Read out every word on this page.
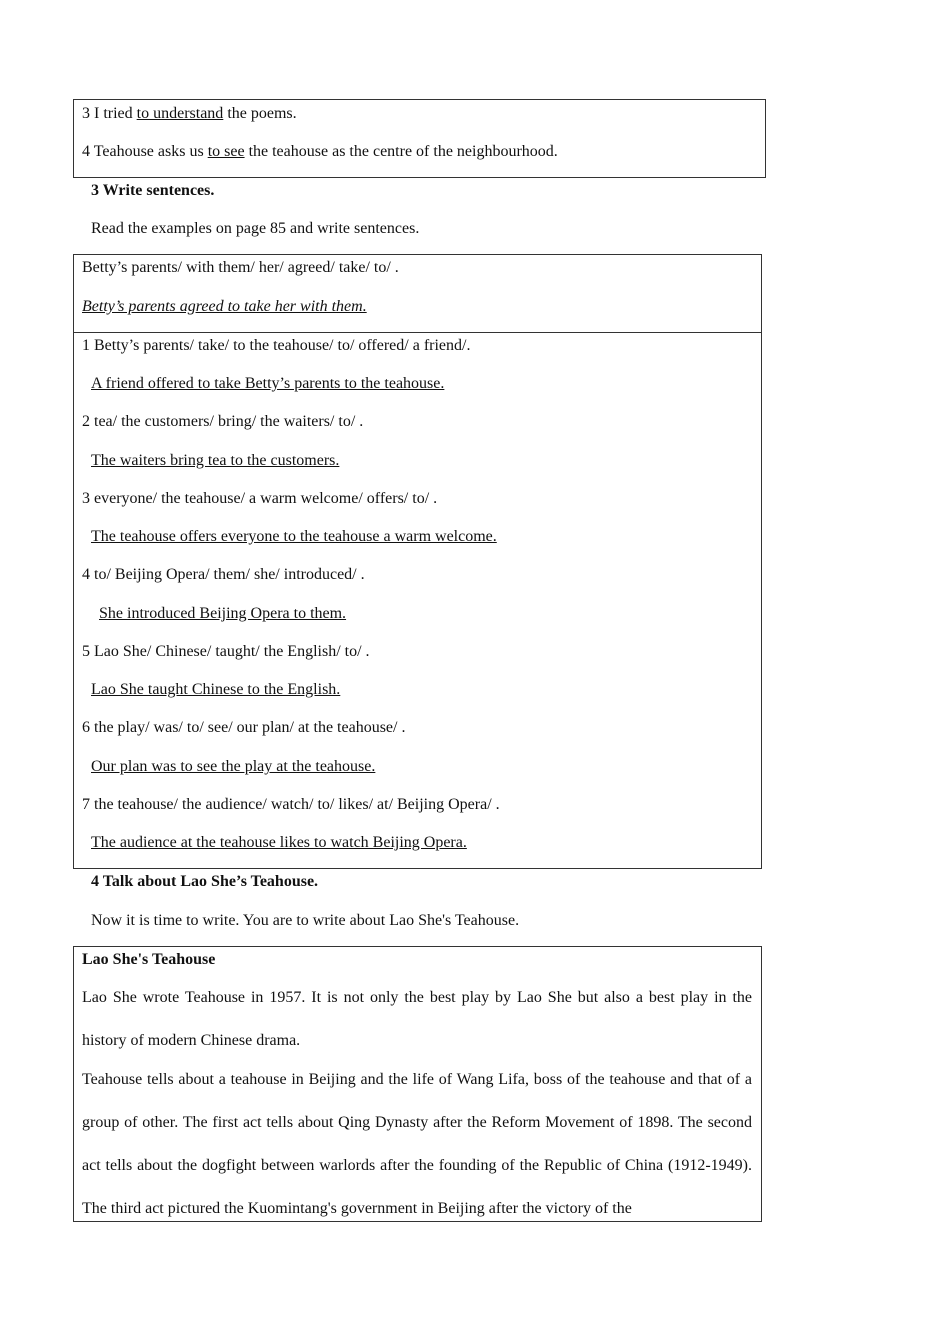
3 I tried to understand the poems.
4 Teahouse asks us to see the teahouse as the centre of the neighbourhood.
3 Write sentences.
Read the examples on page 85 and write sentences.
Betty’s parents/ with them/ her/ agreed/ take/ to/ .
Betty’s parents agreed to take her with them.
1 Betty’s parents/ take/ to the teahouse/ to/ offered/ a friend/.
A friend offered to take Betty’s parents to the teahouse.
2 tea/ the customers/ bring/ the waiters/ to/ .
The waiters bring tea to the customers.
3 everyone/ the teahouse/ a warm welcome/ offers/ to/ .
The teahouse offers everyone to the teahouse a warm welcome.
4 to/ Beijing Opera/ them/ she/ introduced/ .
She introduced Beijing Opera to them.
5 Lao She/ Chinese/ taught/ the English/ to/ .
Lao She taught Chinese to the English.
6 the play/ was/ to/ see/ our plan/ at the teahouse/ .
Our plan was to see the play at the teahouse.
7 the teahouse/ the audience/ watch/ to/ likes/ at/ Beijing Opera/ .
The audience at the teahouse likes to watch Beijing Opera.
4 Talk about Lao She’s Teahouse.
Now it is time to write. You are to write about Lao She's Teahouse.
Lao She's Teahouse
Lao She wrote Teahouse in 1957. It is not only the best play by Lao She but also a best play in the history of modern Chinese drama.
Teahouse tells about a teahouse in Beijing and the life of Wang Lifa, boss of the teahouse and that of a group of other. The first act tells about Qing Dynasty after the Reform Movement of 1898. The second act tells about the dogfight between warlords after the founding of the Republic of China (1912-1949). The third act pictured the Kuomintang's government in Beijing after the victory of the
